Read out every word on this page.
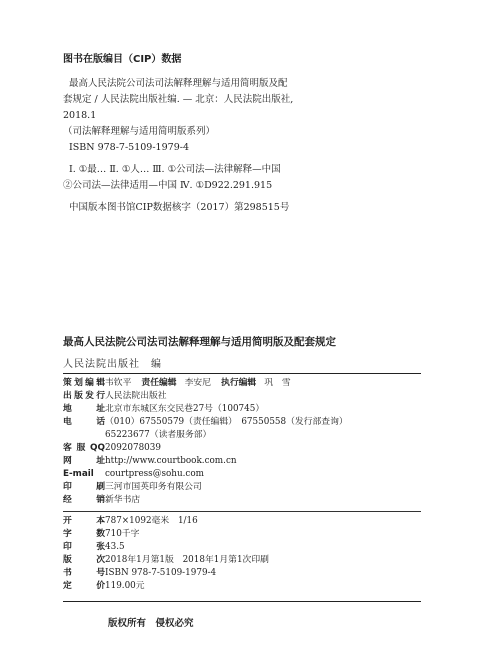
图书在版编目（CIP）数据
最高人民法院公司法司法解释理解与适用简明版及配
套规定 / 人民法院出版社编. — 北京：人民法院出版社,
2018.1
（司法解释理解与适用简明版系列）
ISBN 978-7-5109-1979-4
Ⅰ. ①最… Ⅱ. ①人… Ⅲ. ①公司法—法律解释—中国
②公司法—法律适用—中国 Ⅳ. ①D922.291.915
中国版本图书馆CIP数据核字（2017）第298515号
最高人民法院公司法司法解释理解与适用简明版及配套规定
人民法院出版社　编
策划编辑 韦钦平 责任编辑 李安尼 执行编辑 巩　雪
出版发行 人民法院出版社
地　址 北京市东城区东交民巷27号（100745）
电　话 （010）67550579（责任编辑）　67550558（发行部查询）
65223677（读者服务部）
客服QQ 2092078039
网　址 http://www.courtbook.com.cn
E-mail	courtpress@sohu.com
印　刷 三河市国英印务有限公司
经　销 新华书店
开　本 787×1092毫米　1/16
字　数 710千字
印　张 43.5
版　次 2018年1月第1版　2018年1月第1次印刷
书　号 ISBN 978-7-5109-1979-4
定　价 119.00元
版权所有　侵权必究
